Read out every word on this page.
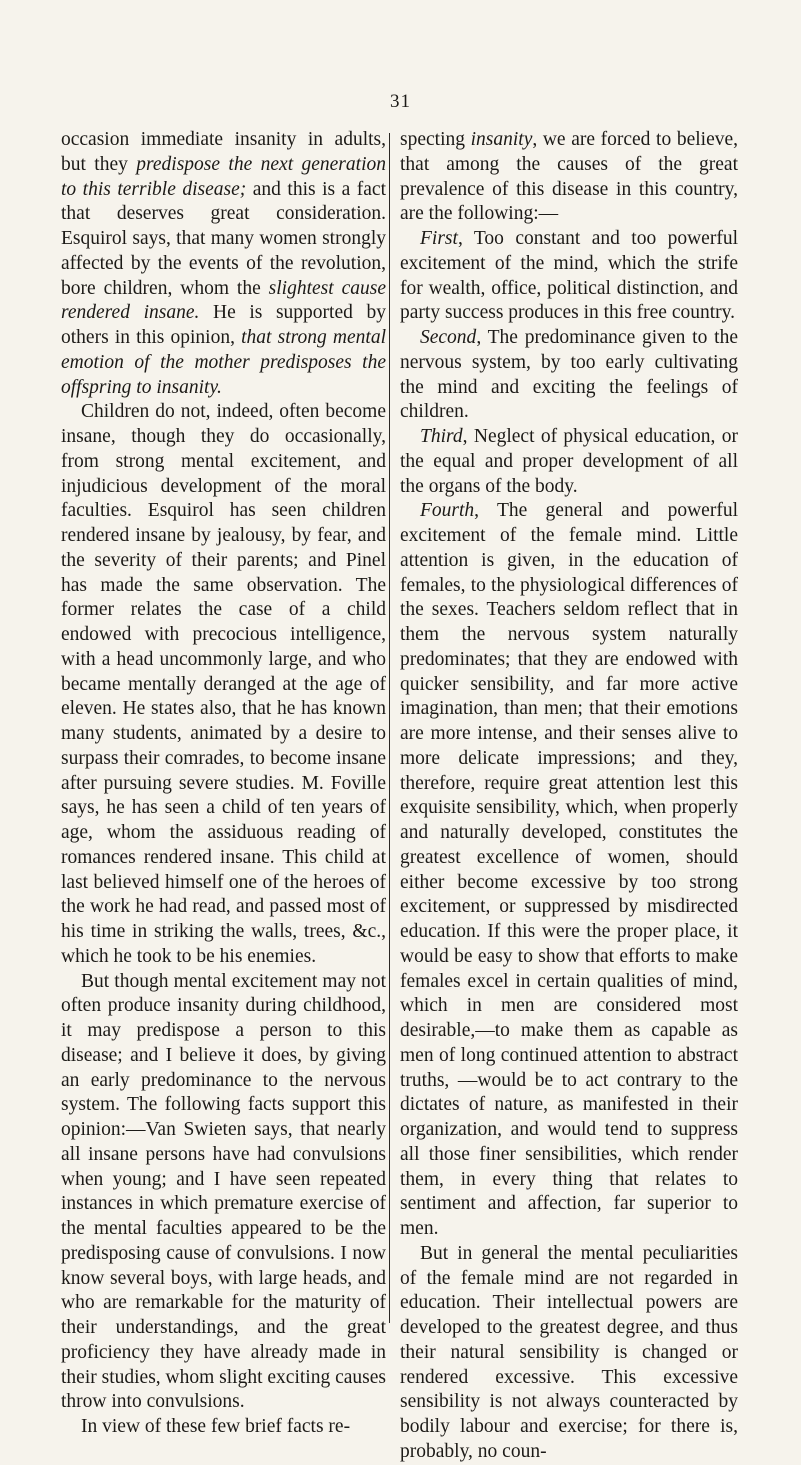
31

occasion immediate insanity in adults, but they predispose the next generation to this terrible disease; and this is a fact that deserves great consideration. Esquirol says, that many women strongly affected by the events of the revolution, bore children, whom the slightest cause rendered insane. He is supported by others in this opinion, that strong mental emotion of the mother predisposes the offspring to insanity.

Children do not, indeed, often become insane, though they do occasionally, from strong mental excitement, and injudicious development of the moral faculties. Esquirol has seen children rendered insane by jealousy, by fear, and the severity of their parents; and Pinel has made the same observation. The former relates the case of a child endowed with precocious intelligence, with a head uncommonly large, and who became mentally deranged at the age of eleven. He states also, that he has known many students, animated by a desire to surpass their comrades, to become insane after pursuing severe studies. M. Foville says, he has seen a child of ten years of age, whom the assiduous reading of romances rendered insane. This child at last believed himself one of the heroes of the work he had read, and passed most of his time in striking the walls, trees, &c., which he took to be his enemies.

But though mental excitement may not often produce insanity during childhood, it may predispose a person to this disease; and I believe it does, by giving an early predominance to the nervous system. The following facts support this opinion:—Van Swieten says, that nearly all insane persons have had convulsions when young; and I have seen repeated instances in which premature exercise of the mental faculties appeared to be the predisposing cause of convulsions. I now know several boys, with large heads, and who are remarkable for the maturity of their understandings, and the great proficiency they have already made in their studies, whom slight exciting causes throw into convulsions.

In view of these few brief facts re-

specting insanity, we are forced to believe, that among the causes of the great prevalence of this disease in this country, are the following:—

First, Too constant and too powerful excitement of the mind, which the strife for wealth, office, political distinction, and party success produces in this free country.

Second, The predominance given to the nervous system, by too early cultivating the mind and exciting the feelings of children.

Third, Neglect of physical education, or the equal and proper development of all the organs of the body.

Fourth, The general and powerful excitement of the female mind. Little attention is given, in the education of females, to the physiological differences of the sexes. Teachers seldom reflect that in them the nervous system naturally predominates; that they are endowed with quicker sensibility, and far more active imagination, than men; that their emotions are more intense, and their senses alive to more delicate impressions; and they, therefore, require great attention lest this exquisite sensibility, which, when properly and naturally developed, constitutes the greatest excellence of women, should either become excessive by too strong excitement, or suppressed by misdirected education. If this were the proper place, it would be easy to show that efforts to make females excel in certain qualities of mind, which in men are considered most desirable,—to make them as capable as men of long continued attention to abstract truths, —would be to act contrary to the dictates of nature, as manifested in their organization, and would tend to suppress all those finer sensibilities, which render them, in every thing that relates to sentiment and affection, far superior to men.

But in general the mental peculiarities of the female mind are not regarded in education. Their intellectual powers are developed to the greatest degree, and thus their natural sensibility is changed or rendered excessive. This excessive sensibility is not always counteracted by bodily labour and exercise; for there is, probably, no coun-
